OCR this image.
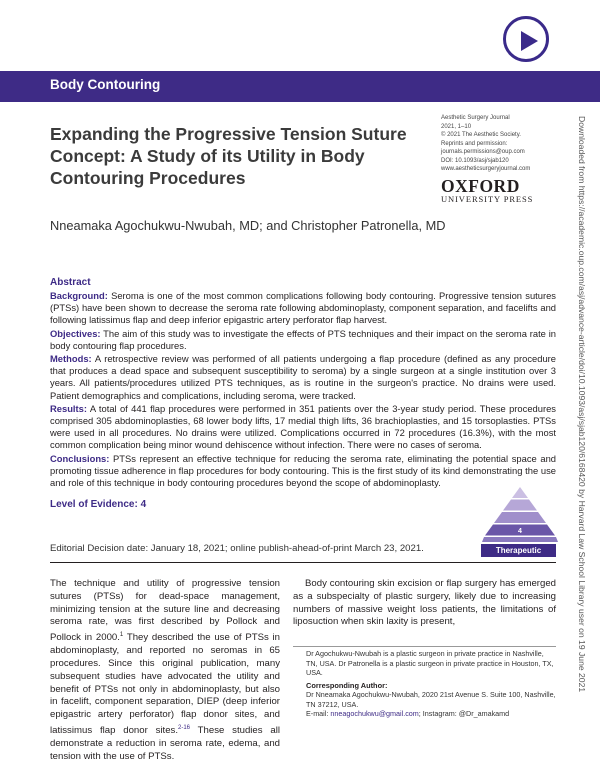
Body Contouring
Expanding the Progressive Tension Suture Concept: A Study of its Utility in Body Contouring Procedures
Aesthetic Surgery Journal
2021, 1–10
© 2021 The Aesthetic Society.
Reprints and permission:
journals.permissions@oup.com
DOI: 10.1093/asj/sjab120
www.aestheticsurgeryjournal.com
OXFORD
UNIVERSITY PRESS
Nneamaka Agochukwu-Nwubah, MD; and Christopher Patronella, MD
Abstract

Background: Seroma is one of the most common complications following body contouring. Progressive tension sutures (PTSs) have been shown to decrease the seroma rate following abdominoplasty, component separation, and facelifts and following latissimus flap and deep inferior epigastric artery perforator flap harvest.

Objectives: The aim of this study was to investigate the effects of PTS techniques and their impact on the seroma rate in body contouring flap procedures.

Methods: A retrospective review was performed of all patients undergoing a flap procedure (defined as any procedure that produces a dead space and subsequent susceptibility to seroma) by a single surgeon at a single institution over 3 years. All patients/procedures utilized PTS techniques, as is routine in the surgeon's practice. No drains were used. Patient demographics and complications, including seroma, were tracked.

Results: A total of 441 flap procedures were performed in 351 patients over the 3-year study period. These procedures comprised 305 abdominoplasties, 68 lower body lifts, 17 medial thigh lifts, 36 brachioplasties, and 15 torsoplasties. PTSs were used in all procedures. No drains were utilized. Complications occurred in 72 procedures (16.3%), with the most common complication being minor wound dehiscence without infection. There were no cases of seroma.

Conclusions: PTSs represent an effective technique for reducing the seroma rate, eliminating the potential space and promoting tissue adherence in flap procedures for body contouring. This is the first study of its kind demonstrating the use and role of this technique in body contouring procedures beyond the scope of abdominoplasty.

Level of Evidence: 4
4
Therapeutic
Editorial Decision date: January 18, 2021; online publish-ahead-of-print March 23, 2021.
The technique and utility of progressive tension sutures (PTSs) for dead-space management, minimizing tension at the suture line and decreasing seroma rate, was first described by Pollock and Pollock in 2000.$^1$ They described the use of PTSs in abdominoplasty, and reported no seromas in 65 procedures. Since this original publication, many subsequent studies have advocated the utility and benefit of PTSs not only in abdominoplasty, but also in facelift, component separation, DIEP (deep inferior epigastric artery perforator) flap donor sites, and latissimus flap donor sites.$^{2-16}$ These studies all demonstrate a reduction in seroma rate, edema, and tension with the use of PTSs.
Body contouring skin excision or flap surgery has emerged as a subspecialty of plastic surgery, likely due to increasing numbers of massive weight loss patients, the limitations of liposuction when skin laxity is present,
Dr Agochukwu-Nwubah is a plastic surgeon in private practice in Nashville, TN, USA. Dr Patronella is a plastic surgeon in private practice in Houston, TX, USA.
Corresponding Author:
Dr Nneamaka Agochukwu-Nwubah, 2020 21st Avenue S. Suite 100, Nashville, TN 37212, USA.
E-mail: nneagochukwu@gmail.com; Instagram: @Dr_amakamd
Downloaded from https://academic.oup.com/asj/advance-article/doi/10.1093/asj/sjab120/6168420 by Harvard Law School Library user on 19 June 2021
